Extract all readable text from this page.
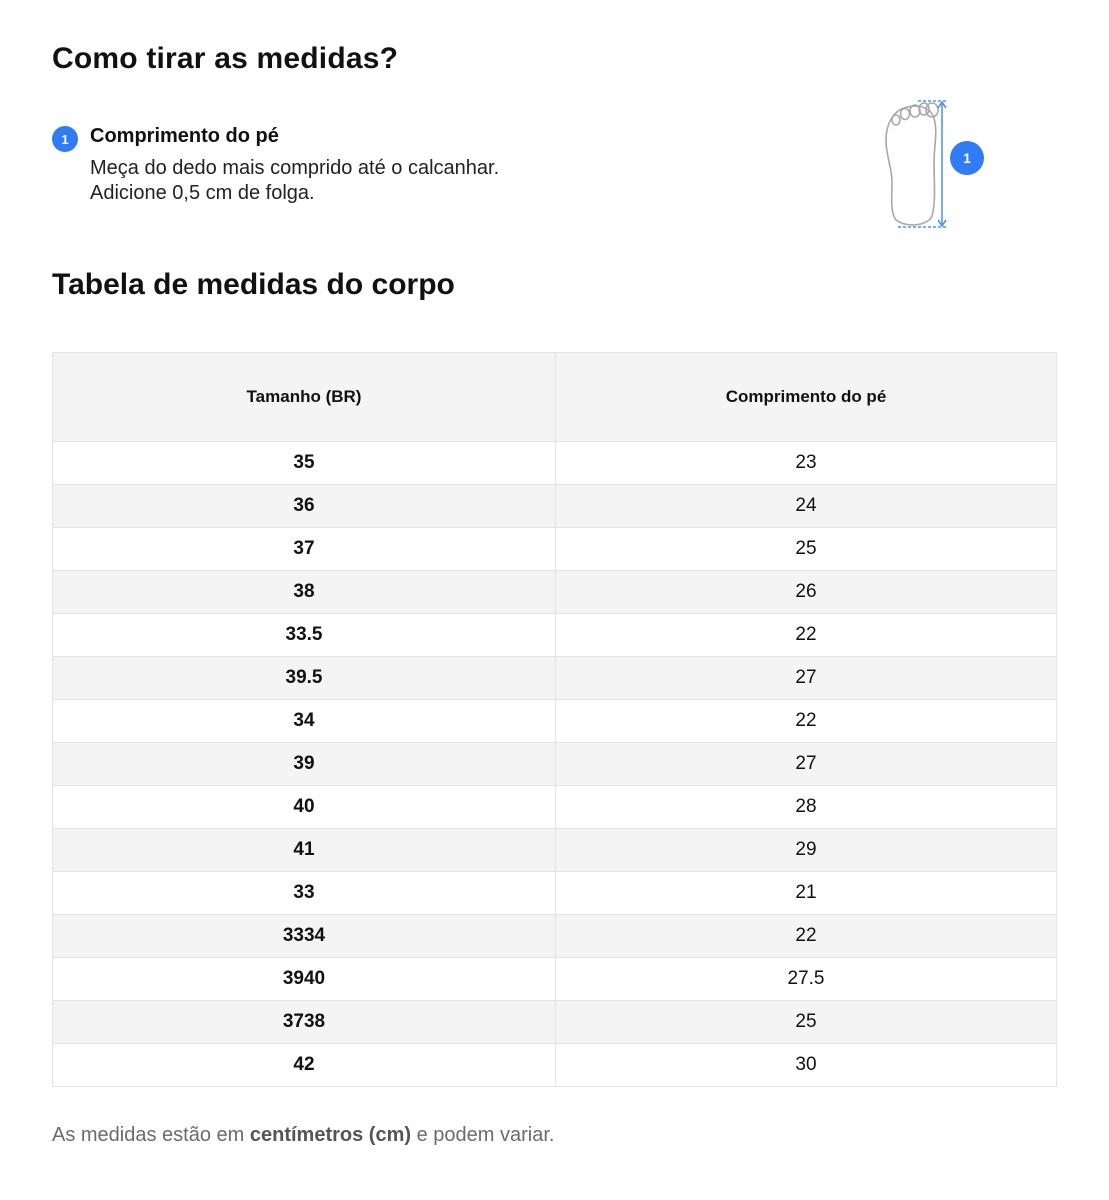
Como tirar as medidas?
1	Comprimento do pé
Meça do dedo mais comprido até o calcanhar. Adicione 0,5 cm de folga.
1
Tabela de medidas do corpo
Tamanho (BR)	Comprimento do pé
35	23
36	24
37	25
38	26
33.5	22
39.5	27
34	22
39	27
40	28
41	29
33	21
3334	22
3940	27.5
3738	25
42	30
As medidas estão em centímetros (cm) e podem variar.
